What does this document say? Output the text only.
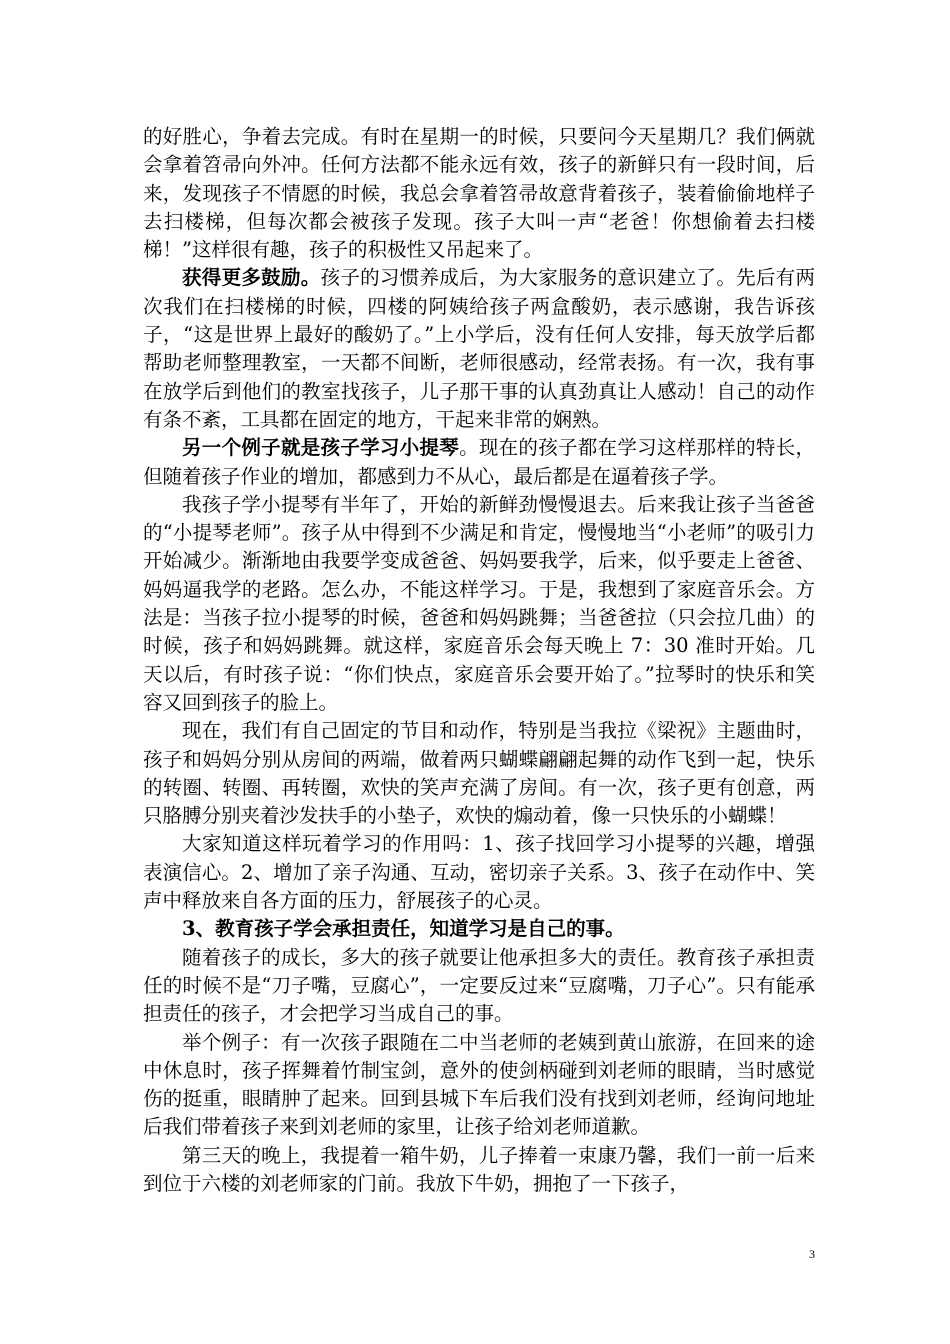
的好胜心，争着去完成。有时在星期一的时候，只要问今天星期几？我们俩就会拿着笤帚向外冲。任何方法都不能永远有效，孩子的新鲜只有一段时间，后来，发现孩子不情愿的时候，我总会拿着笤帚故意背着孩子，装着偷偷地样子去扫楼梯，但每次都会被孩子发现。孩子大叫一声“老爸！你想偷着去扫楼梯！”这样很有趣，孩子的积极性又吊起来了。

获得更多鼓励。孩子的习惯养成后，为大家服务的意识建立了。先后有两次我们在扫楼梯的时候，四楼的阿姨给孩子两盒酸奶，表示感谢，我告诉孩子，“这是世界上最好的酸奶了。”上小学后，没有任何人安排，每天放学后都帮助老师整理教室，一天都不间断，老师很感动，经常表扬。有一次，我有事在放学后到他们的教室找孩子，儿子那干事的认真劲真让人感动！自己的动作有条不紊，工具都在固定的地方，干起来非常的娴熟。

另一个例子就是孩子学习小提琴。现在的孩子都在学习这样那样的特长，但随着孩子作业的增加，都感到力不从心，最后都是在逼着孩子学。

我孩子学小提琴有半年了，开始的新鲜劲慢慢退去。后来我让孩子当爸爸的“小提琴老师”。孩子从中得到不少满足和肯定，慢慢地当“小老师”的吸引力开始减少。渐渐地由我要学变成爸爸、妈妈要我学，后来，似乎要走上爸爸、妈妈逼我学的老路。怎么办，不能这样学习。于是，我想到了家庭音乐会。方法是：当孩子拉小提琴的时候，爸爸和妈妈跳舞；当爸爸拉（只会拉几曲）的时候，孩子和妈妈跳舞。就这样，家庭音乐会每天晚上 7：30 准时开始。几天以后，有时孩子说：“你们快点，家庭音乐会要开始了。”拉琴时的快乐和笑容又回到孩子的脸上。

现在，我们有自己固定的节目和动作，特别是当我拉《梁祝》主题曲时，孩子和妈妈分别从房间的两端，做着两只蝴蝶翩翩起舞的动作飞到一起，快乐的转圈、转圈、再转圈，欢快的笑声充满了房间。有一次，孩子更有创意，两只胳膊分别夹着沙发扶手的小垫子，欢快的煽动着，像一只快乐的小蝴蝶！

大家知道这样玩着学习的作用吗：1、孩子找回学习小提琴的兴趣，增强表演信心。2、增加了亲子沟通、互动，密切亲子关系。3、孩子在动作中、笑声中释放来自各方面的压力，舒展孩子的心灵。

3、教育孩子学会承担责任，知道学习是自己的事。

随着孩子的成长，多大的孩子就要让他承担多大的责任。教育孩子承担责任的时候不是“刀子嘴，豆腐心”，一定要反过来“豆腐嘴，刀子心”。只有能承担责任的孩子，才会把学习当成自己的事。

举个例子：有一次孩子跟随在二中当老师的老姨到黄山旅游，在回来的途中休息时，孩子挥舞着竹制宝剑，意外的使剑柄碰到刘老师的眼睛，当时感觉伤的挺重，眼睛肿了起来。回到县城下车后我们没有找到刘老师，经询问地址后我们带着孩子来到刘老师的家里，让孩子给刘老师道歉。

第三天的晚上，我提着一箱牛奶，儿子捧着一束康乃馨，我们一前一后来到位于六楼的刘老师家的门前。我放下牛奶，拥抱了一下孩子，

3
